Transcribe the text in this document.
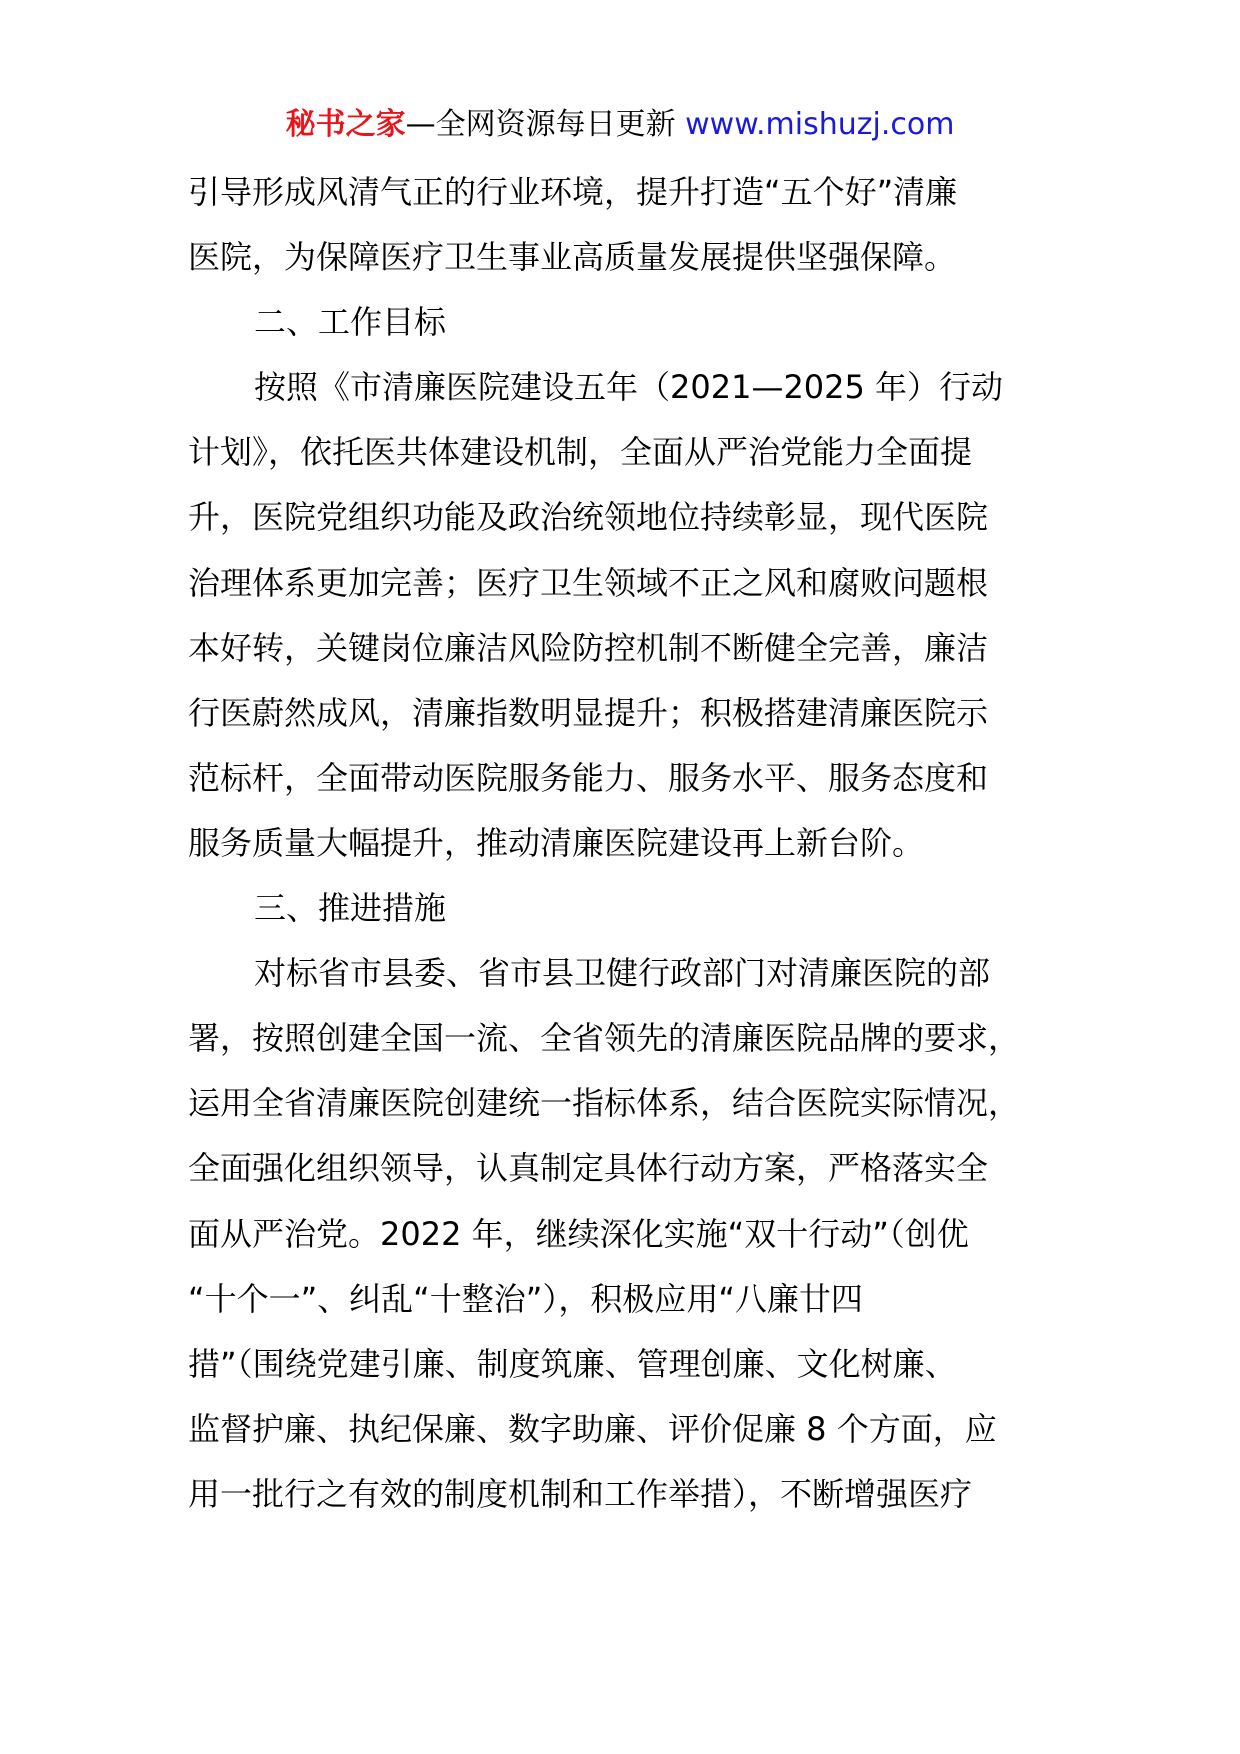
秘书之家—全网资源每日更新 www.mishuzj.com
引导形成风清气正的行业环境，提升打造“五个好”清廉
医院，为保障医疗卫生事业高质量发展提供坚强保障。
二、工作目标
按照《市清廉医院建设五年（2021—2025 年）行动
计划》，依托医共体建设机制，全面从严治党能力全面提
升，医院党组织功能及政治统领地位持续彰显，现代医院
治理体系更加完善；医疗卫生领域不正之风和腐败问题根
本好转，关键岗位廉洁风险防控机制不断健全完善，廉洁
行医蔚然成风，清廉指数明显提升；积极搭建清廉医院示
范标杆，全面带动医院服务能力、服务水平、服务态度和
服务质量大幅提升，推动清廉医院建设再上新台阶。
三、推进措施
对标省市县委、省市县卫健行政部门对清廉医院的部
署，按照创建全国一流、全省领先的清廉医院品牌的要求，
运用全省清廉医院创建统一指标体系，结合医院实际情况，
全面强化组织领导，认真制定具体行动方案，严格落实全
面从严治党。2022 年，继续深化实施“双十行动”（创优
“十个一”、纠乱“十整治”），积极应用“八廉廿四
措”（围绕党建引廉、制度筑廉、管理创廉、文化树廉、
监督护廉、执纪保廉、数字助廉、评价促廉 8 个方面，应
用一批行之有效的制度机制和工作举措），不断增强医疗
